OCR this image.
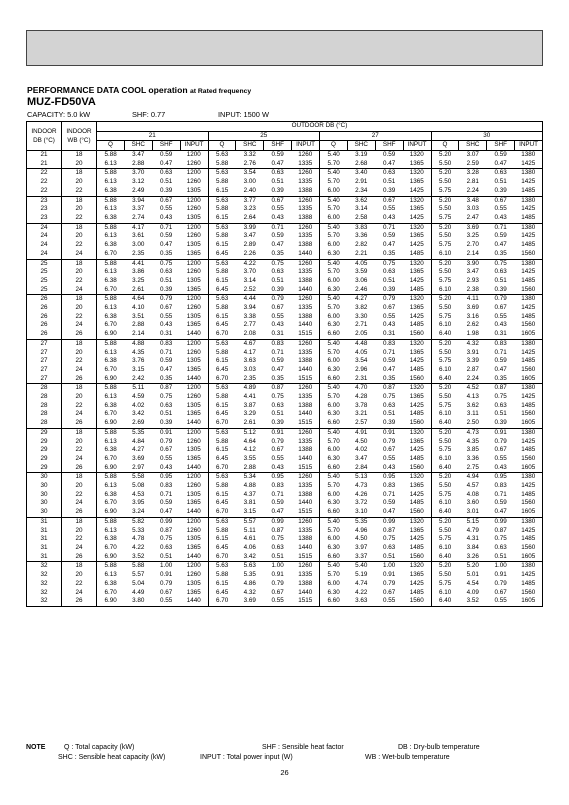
PERFORMANCE DATA COOL operation at Rated frequency
MUZ-FD50VA
CAPACITY: 5.0 kW	SHF: 0.77	INPUT: 1500 W
INDOOR
DB (°C)	INDOOR
WB (°C)	OUTDOOR DB (°C)															
		21				25				27				30			
		Q	SHC	SHF	INPUT	Q	SHC	SHF	INPUT	Q	SHC	SHF	INPUT	Q	SHC	SHF	INPUT
21	18	5.88	3.47	0.59	1200	5.63	3.32	0.59	1260	5.40	3.19	0.59	1320	5.20	3.07	0.59	1380
21	20	6.13	2.88	0.47	1260	5.88	2.76	0.47	1335	5.70	2.68	0.47	1365	5.50	2.59	0.47	1425
22	18	5.88	3.70	0.63	1200	5.63	3.54	0.63	1260	5.40	3.40	0.63	1320	5.20	3.28	0.63	1380
22	20	6.13	3.12	0.51	1260	5.88	3.00	0.51	1335	5.70	2.91	0.51	1365	5.50	2.81	0.51	1425
22	22	6.38	2.49	0.39	1305	6.15	2.40	0.39	1388	6.00	2.34	0.39	1425	5.75	2.24	0.39	1485
23	18	5.88	3.94	0.67	1200	5.63	3.77	0.67	1260	5.40	3.62	0.67	1320	5.20	3.48	0.67	1380
23	20	6.13	3.37	0.55	1260	5.88	3.23	0.55	1335	5.70	3.14	0.55	1365	5.50	3.03	0.55	1425
23	22	6.38	2.74	0.43	1305	6.15	2.64	0.43	1388	6.00	2.58	0.43	1425	5.75	2.47	0.43	1485
24	18	5.88	4.17	0.71	1200	5.63	3.99	0.71	1260	5.40	3.83	0.71	1320	5.20	3.69	0.71	1380
24	20	6.13	3.61	0.59	1260	5.88	3.47	0.59	1335	5.70	3.36	0.59	1365	5.50	3.25	0.59	1425
24	22	6.38	3.00	0.47	1305	6.15	2.89	0.47	1388	6.00	2.82	0.47	1425	5.75	2.70	0.47	1485
24	24	6.70	2.35	0.35	1365	6.45	2.26	0.35	1440	6.30	2.21	0.35	1485	6.10	2.14	0.35	1560
25	18	5.88	4.41	0.75	1200	5.63	4.22	0.75	1260	5.40	4.05	0.75	1320	5.20	3.90	0.75	1380
25	20	6.13	3.86	0.63	1260	5.88	3.70	0.63	1335	5.70	3.59	0.63	1365	5.50	3.47	0.63	1425
25	22	6.38	3.25	0.51	1305	6.15	3.14	0.51	1388	6.00	3.06	0.51	1425	5.75	2.93	0.51	1485
25	24	6.70	2.61	0.39	1365	6.45	2.52	0.39	1440	6.30	2.46	0.39	1485	6.10	2.38	0.39	1560
26	18	5.88	4.64	0.79	1200	5.63	4.44	0.79	1260	5.40	4.27	0.79	1320	5.20	4.11	0.79	1380
26	20	6.13	4.10	0.67	1260	5.88	3.94	0.67	1335	5.70	3.82	0.67	1365	5.50	3.69	0.67	1425
26	22	6.38	3.51	0.55	1305	6.15	3.38	0.55	1388	6.00	3.30	0.55	1425	5.75	3.16	0.55	1485
26	24	6.70	2.88	0.43	1365	6.45	2.77	0.43	1440	6.30	2.71	0.43	1485	6.10	2.62	0.43	1560
26	26	6.90	2.14	0.31	1440	6.70	2.08	0.31	1515	6.60	2.05	0.31	1560	6.40	1.98	0.31	1605
27	18	5.88	4.88	0.83	1200	5.63	4.67	0.83	1260	5.40	4.48	0.83	1320	5.20	4.32	0.83	1380
27	20	6.13	4.35	0.71	1260	5.88	4.17	0.71	1335	5.70	4.05	0.71	1365	5.50	3.91	0.71	1425
27	22	6.38	3.76	0.59	1305	6.15	3.63	0.59	1388	6.00	3.54	0.59	1425	5.75	3.39	0.59	1485
27	24	6.70	3.15	0.47	1365	6.45	3.03	0.47	1440	6.30	2.96	0.47	1485	6.10	2.87	0.47	1560
27	26	6.90	2.42	0.35	1440	6.70	2.35	0.35	1515	6.60	2.31	0.35	1560	6.40	2.24	0.35	1605
28	18	5.88	5.11	0.87	1200	5.63	4.89	0.87	1260	5.40	4.70	0.87	1320	5.20	4.52	0.87	1380
28	20	6.13	4.59	0.75	1260	5.88	4.41	0.75	1335	5.70	4.28	0.75	1365	5.50	4.13	0.75	1425
28	22	6.38	4.02	0.63	1305	6.15	3.87	0.63	1388	6.00	3.78	0.63	1425	5.75	3.62	0.63	1485
28	24	6.70	3.42	0.51	1365	6.45	3.29	0.51	1440	6.30	3.21	0.51	1485	6.10	3.11	0.51	1560
28	26	6.90	2.69	0.39	1440	6.70	2.61	0.39	1515	6.60	2.57	0.39	1560	6.40	2.50	0.39	1605
29	18	5.88	5.35	0.91	1200	5.63	5.12	0.91	1260	5.40	4.91	0.91	1320	5.20	4.73	0.91	1380
29	20	6.13	4.84	0.79	1260	5.88	4.64	0.79	1335	5.70	4.50	0.79	1365	5.50	4.35	0.79	1425
29	22	6.38	4.27	0.67	1305	6.15	4.12	0.67	1388	6.00	4.02	0.67	1425	5.75	3.85	0.67	1485
29	24	6.70	3.69	0.55	1365	6.45	3.55	0.55	1440	6.30	3.47	0.55	1485	6.10	3.36	0.55	1560
29	26	6.90	2.97	0.43	1440	6.70	2.88	0.43	1515	6.60	2.84	0.43	1560	6.40	2.75	0.43	1605
30	18	5.88	5.58	0.95	1200	5.63	5.34	0.95	1260	5.40	5.13	0.95	1320	5.20	4.94	0.95	1380
30	20	6.13	5.08	0.83	1260	5.88	4.88	0.83	1335	5.70	4.73	0.83	1365	5.50	4.57	0.83	1425
30	22	6.38	4.53	0.71	1305	6.15	4.37	0.71	1388	6.00	4.26	0.71	1425	5.75	4.08	0.71	1485
30	24	6.70	3.95	0.59	1365	6.45	3.81	0.59	1440	6.30	3.72	0.59	1485	6.10	3.60	0.59	1560
30	26	6.90	3.24	0.47	1440	6.70	3.15	0.47	1515	6.60	3.10	0.47	1560	6.40	3.01	0.47	1605
31	18	5.88	5.82	0.99	1200	5.63	5.57	0.99	1260	5.40	5.35	0.99	1320	5.20	5.15	0.99	1380
31	20	6.13	5.33	0.87	1260	5.88	5.11	0.87	1335	5.70	4.96	0.87	1365	5.50	4.79	0.87	1425
31	22	6.38	4.78	0.75	1305	6.15	4.61	0.75	1388	6.00	4.50	0.75	1425	5.75	4.31	0.75	1485
31	24	6.70	4.22	0.63	1365	6.45	4.06	0.63	1440	6.30	3.97	0.63	1485	6.10	3.84	0.63	1560
31	26	6.90	3.52	0.51	1440	6.70	3.42	0.51	1515	6.60	3.37	0.51	1560	6.40	3.26	0.51	1605
32	18	5.88	5.88	1.00	1200	5.63	5.63	1.00	1260	5.40	5.40	1.00	1320	5.20	5.20	1.00	1380
32	20	6.13	5.57	0.91	1260	5.88	5.35	0.91	1335	5.70	5.19	0.91	1365	5.50	5.01	0.91	1425
32	22	6.38	5.04	0.79	1305	6.15	4.86	0.79	1388	6.00	4.74	0.79	1425	5.75	4.54	0.79	1485
32	24	6.70	4.49	0.67	1365	6.45	4.32	0.67	1440	6.30	4.22	0.67	1485	6.10	4.09	0.67	1560
32	26	6.90	3.80	0.55	1440	6.70	3.69	0.55	1515	6.60	3.63	0.55	1560	6.40	3.52	0.55	1605
NOTE	Q : Total capacity (kW)	SHF : Sensible heat factor	DB : Dry-bulb temperature
SHC : Sensible heat capacity (kW)	INPUT : Total power input (W)	WB : Wet-bulb temperature
26
